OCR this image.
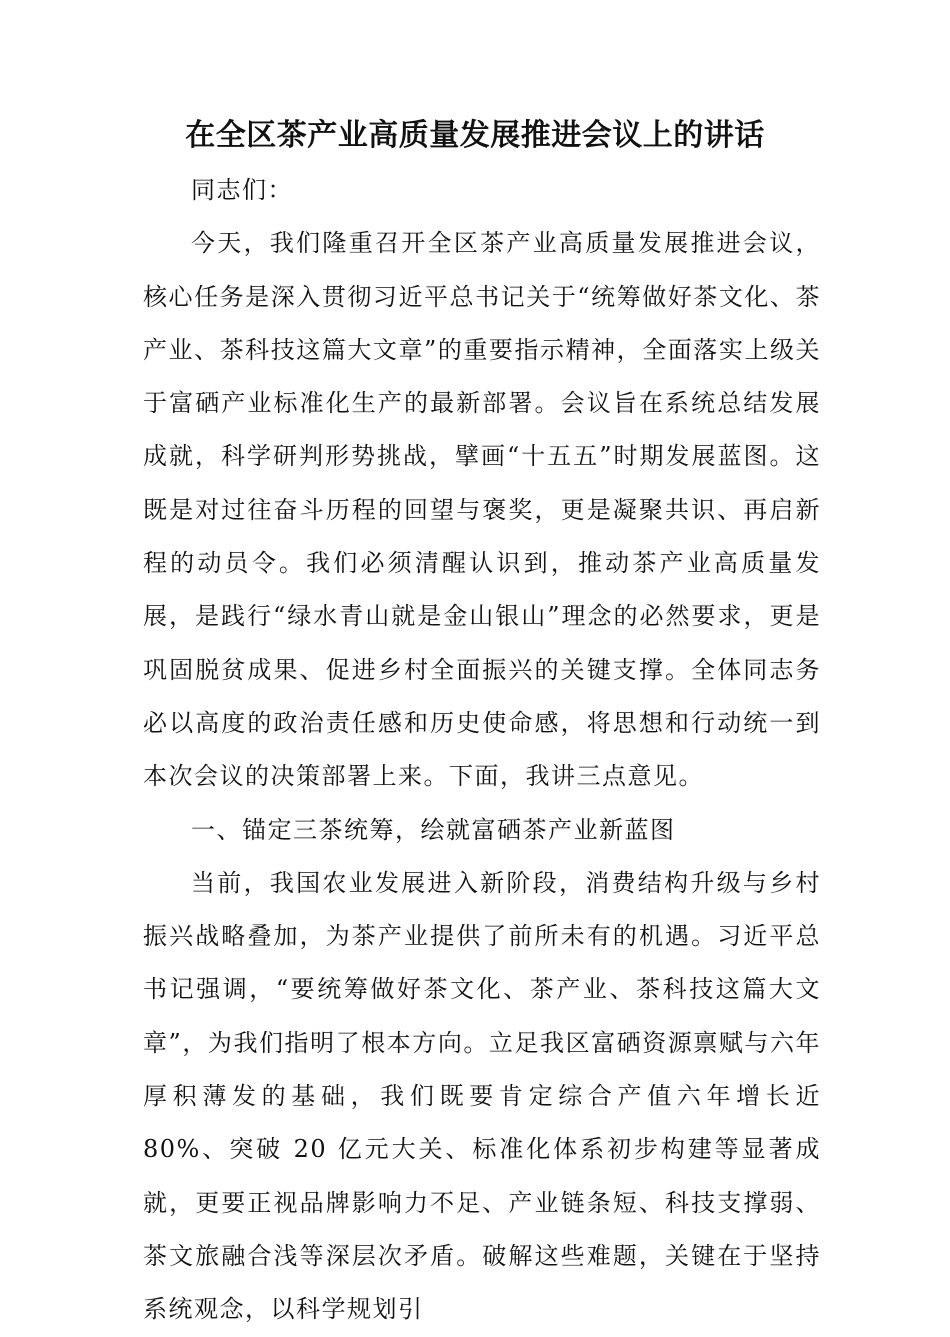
在全区茶产业高质量发展推进会议上的讲话

同志们：

今天，我们隆重召开全区茶产业高质量发展推进会议，核心任务是深入贯彻习近平总书记关于“统筹做好茶文化、茶产业、茶科技这篇大文章”的重要指示精神，全面落实上级关于富硒产业标准化生产的最新部署。会议旨在系统总结发展成就，科学研判形势挑战，擘画“十五五”时期发展蓝图。这既是对过往奋斗历程的回望与褒奖，更是凝聚共识、再启新程的动员令。我们必须清醒认识到，推动茶产业高质量发展，是践行“绿水青山就是金山银山”理念的必然要求，更是巩固脱贫成果、促进乡村全面振兴的关键支撑。全体同志务必以高度的政治责任感和历史使命感，将思想和行动统一到本次会议的决策部署上来。下面，我讲三点意见。

一、锚定三茶统筹，绘就富硒茶产业新蓝图

当前，我国农业发展进入新阶段，消费结构升级与乡村振兴战略叠加，为茶产业提供了前所未有的机遇。习近平总书记强调，“要统筹做好茶文化、茶产业、茶科技这篇大文章”，为我们指明了根本方向。立足我区富硒资源禀赋与六年厚积薄发的基础，我们既要肯定综合产值六年增长近 80%、突破 20 亿元大关、标准化体系初步构建等显著成就，更要正视品牌影响力不足、产业链条短、科技支撑弱、茶文旅融合浅等深层次矛盾。破解这些难题，关键在于坚持系统观念，以科学规划引
